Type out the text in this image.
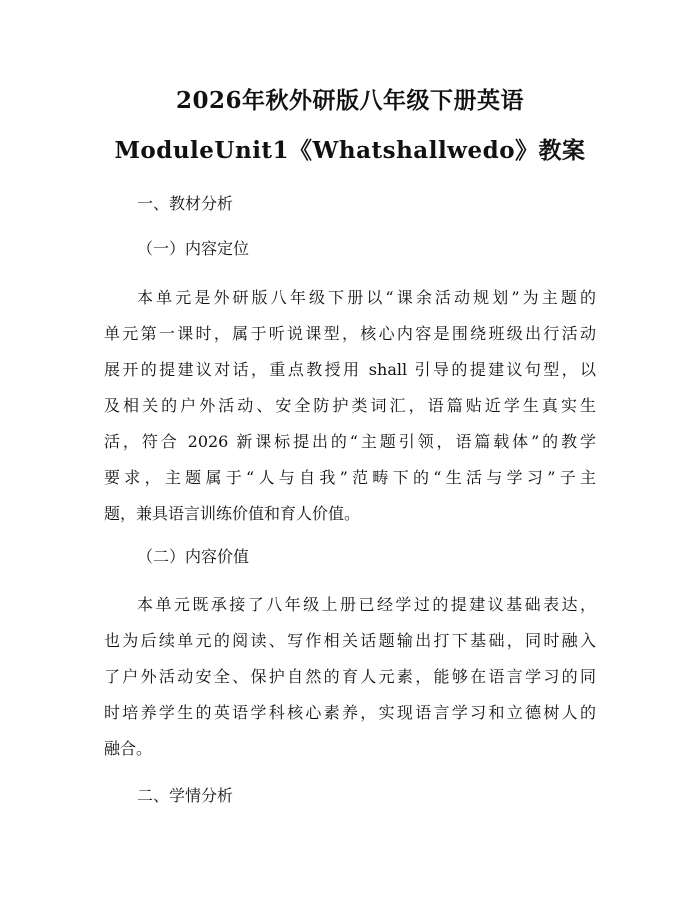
2026年秋外研版八年级下册英语
ModuleUnit1《Whatshallwedo》教案
一、教材分析
（一）内容定位
本单元是外研版八年级下册以“课余活动规划”为主题的
单元第一课时，属于听说课型，核心内容是围绕班级出行活动
展开的提建议对话，重点教授用 shall 引导的提建议句型，以
及相关的户外活动、安全防护类词汇，语篇贴近学生真实生
活，符合 2026 新课标提出的“主题引领，语篇载体”的教学
要求，主题属于“人与自我”范畴下的“生活与学习”子主
题，兼具语言训练价值和育人价值。
（二）内容价值
本单元既承接了八年级上册已经学过的提建议基础表达，
也为后续单元的阅读、写作相关话题输出打下基础，同时融入
了户外活动安全、保护自然的育人元素，能够在语言学习的同
时培养学生的英语学科核心素养，实现语言学习和立德树人的
融合。
二、学情分析
